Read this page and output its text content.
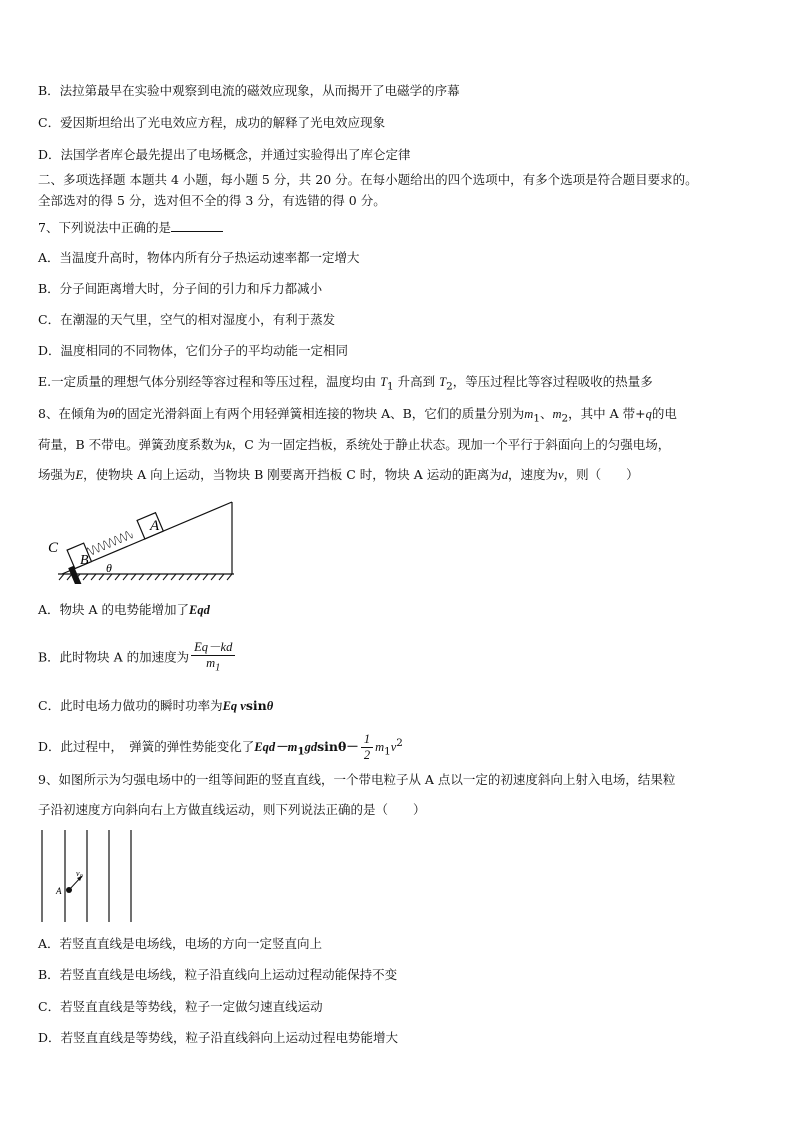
B．法拉第最早在实验中观察到电流的磁效应现象，从而揭开了电磁学的序幕
C．爱因斯坦给出了光电效应方程，成功的解释了光电效应现象
D．法国学者库仑最先提出了电场概念，并通过实验得出了库仑定律
二、多项选择题 本题共 4 小题，每小题 5 分，共 20 分。在每小题给出的四个选项中，有多个选项是符合题目要求的。
全部选对的得 5 分，选对但不全的得 3 分，有选错的得 0 分。
7、下列说法中正确的是
A．当温度升高时，物体内所有分子热运动速率都一定增大
B．分子间距离增大时，分子间的引力和斥力都减小
C．在潮湿的天气里，空气的相对湿度小，有利于蒸发
D．温度相同的不同物体，它们分子的平均动能一定相同
E.一定质量的理想气体分别经等容过程和等压过程，温度均由 $T_1$ 升高到 $T_2$，等压过程比等容过程吸收的热量多
8、在倾角为θ的固定光滑斜面上有两个用轻弹簧相连接的物块 A、B，它们的质量分别为$m_1$、$m_2$，其中 A 带+q的电
荷量，B 不带电。弹簧劲度系数为k，C 为一固定挡板，系统处于静止状态。现加一个平行于斜面向上的匀强电场，
场强为E，使物块 A 向上运动，当物块 B 刚要离开挡板 C 时，物块 A 运动的距离为d，速度为v，则（　　）
C
B
A
θ
A．物块 A 的电势能增加了Eqd
B．此时物块 A 的加速度为 $\frac{Eq-kd}{m_1}$
C．此时电场力做功的瞬时功率为Eq vsinθ
D．此过程中，　弹簧的弹性势能变化了$Eqd-m_1gdsin\theta- \frac{1}{2} m_1v^2$
9、如图所示为匀强电场中的一组等间距的竖直直线，一个带电粒子从 A 点以一定的初速度斜向上射入电场，结果粒
子沿初速度方向斜向右上方做直线运动，则下列说法正确的是（　　）
A
$v_0$
A．若竖直直线是电场线，电场的方向一定竖直向上
B．若竖直直线是电场线，粒子沿直线向上运动过程动能保持不变
C．若竖直直线是等势线，粒子一定做匀速直线运动
D．若竖直直线是等势线，粒子沿直线斜向上运动过程电势能增大
